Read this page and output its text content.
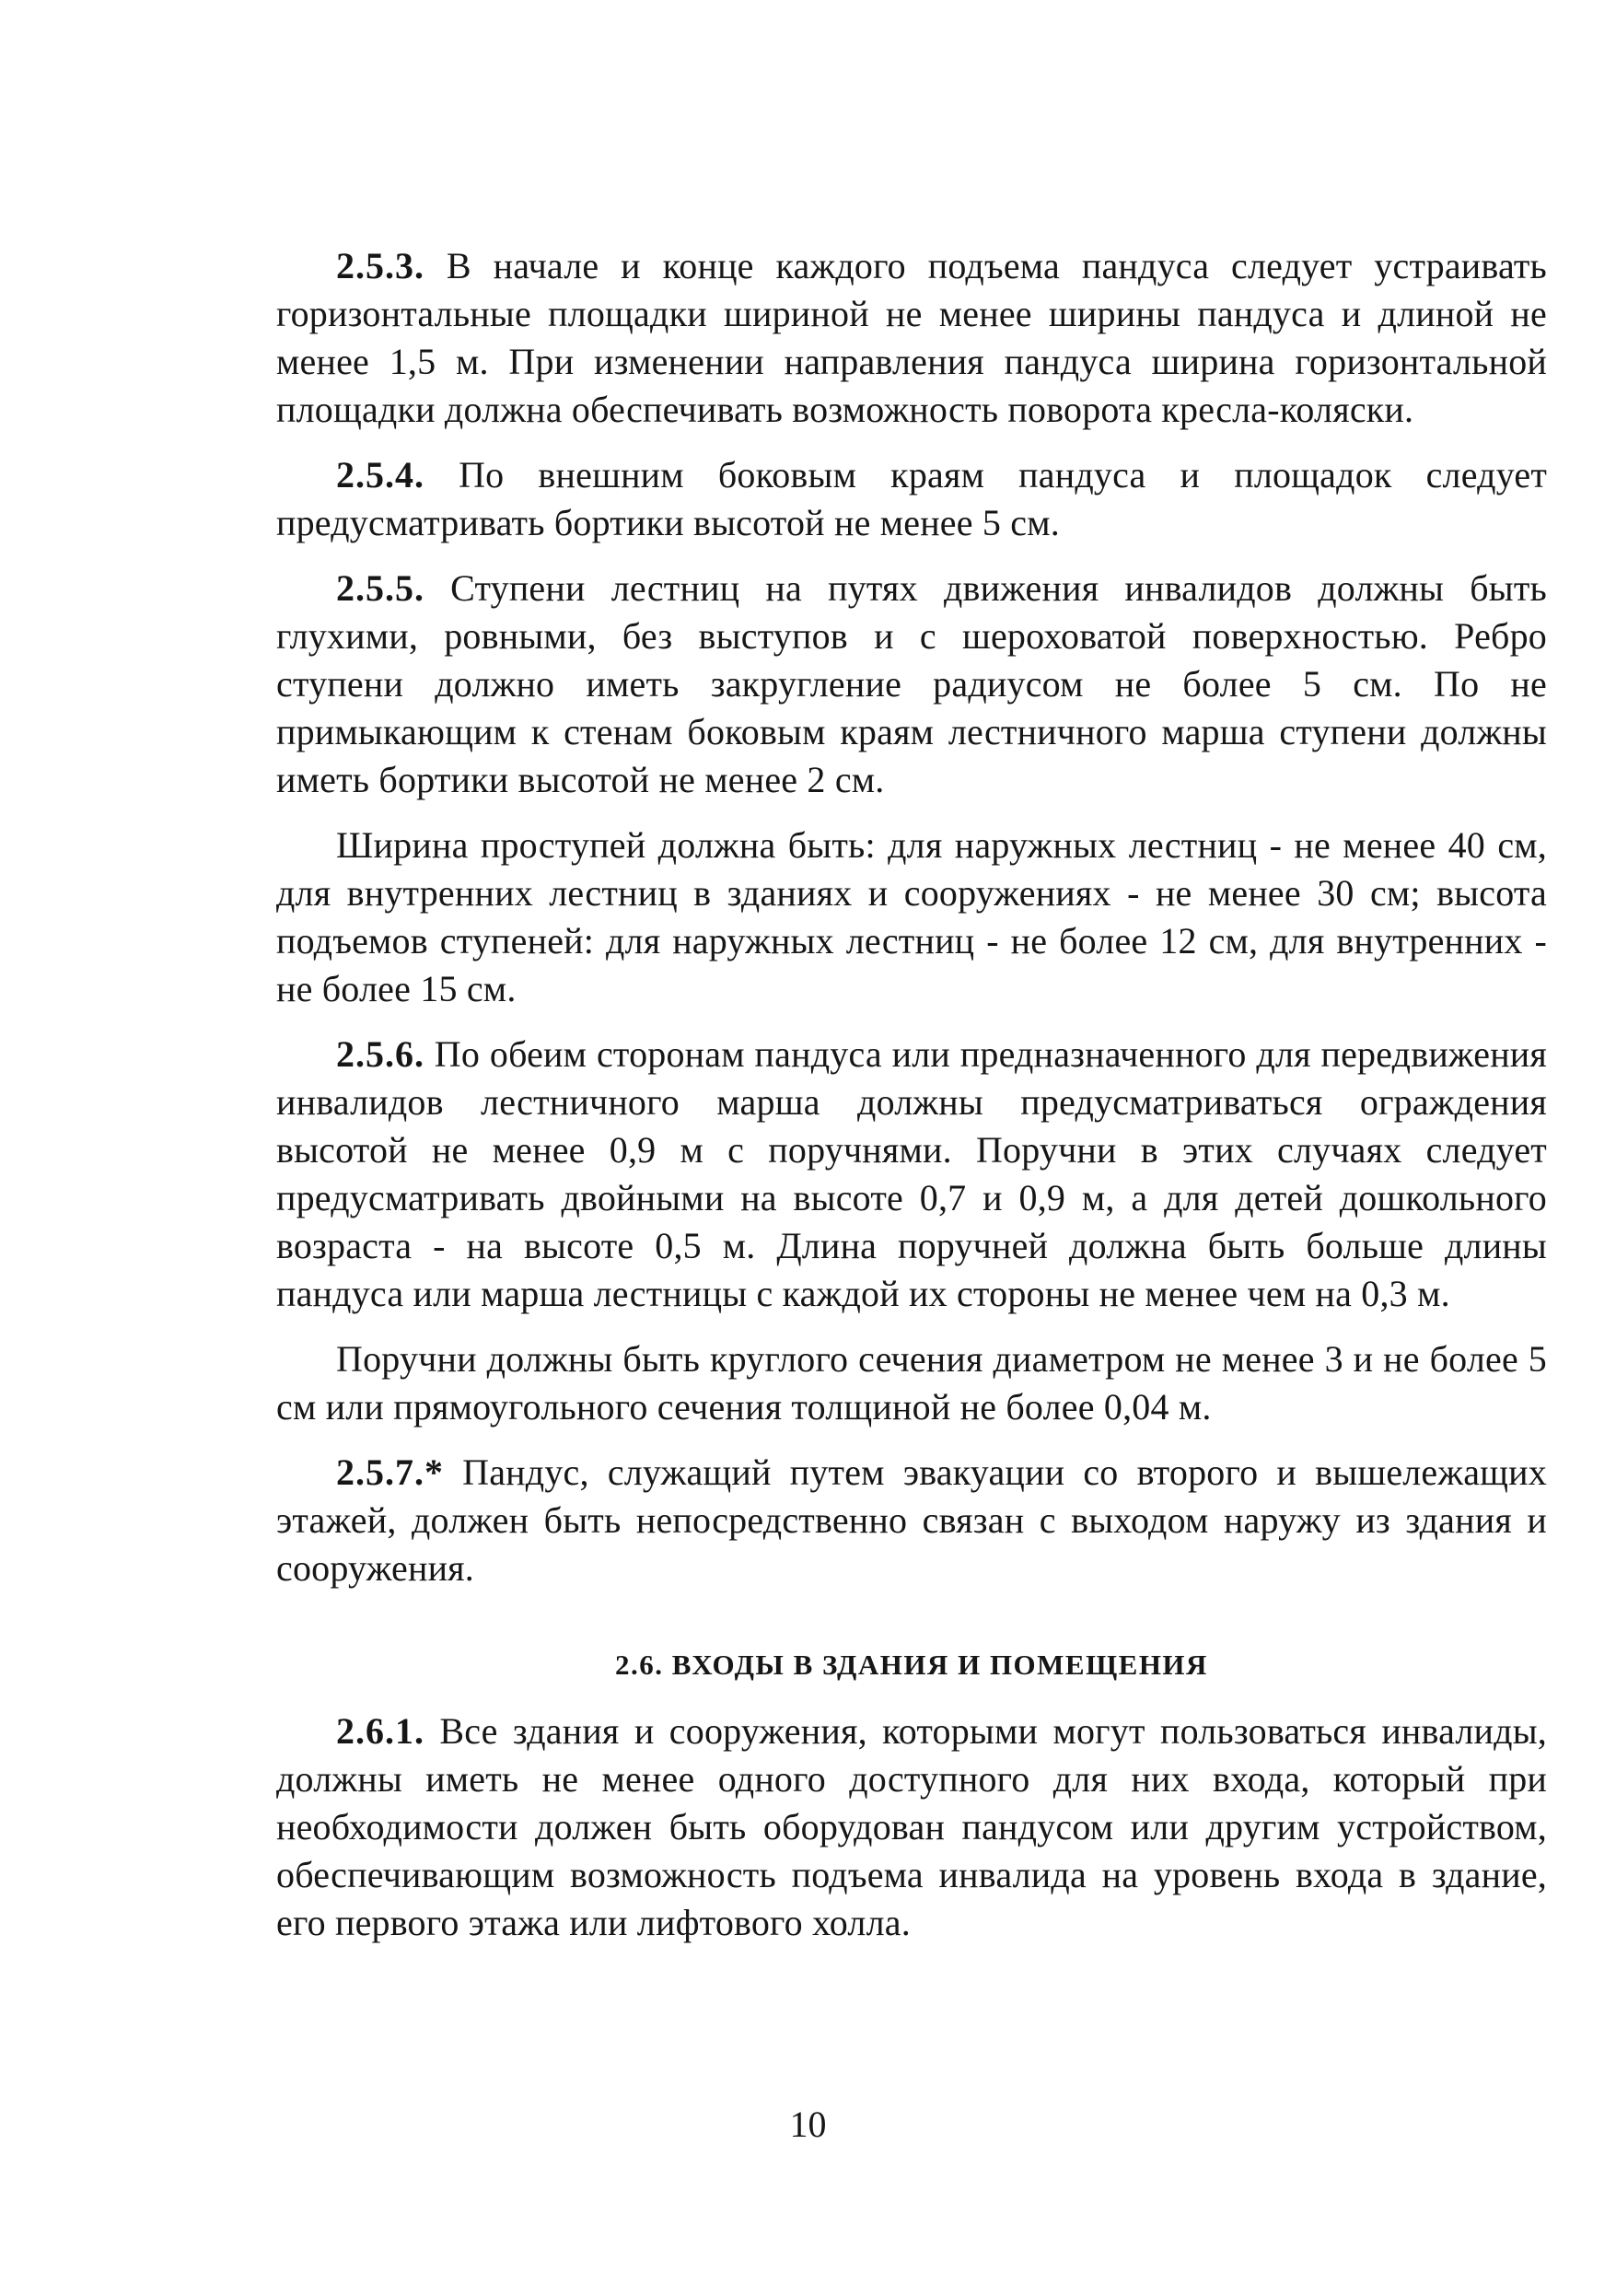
2.5.3. В начале и конце каждого подъема пандуса следует устраивать горизонтальные площадки шириной не менее ширины пандуса и длиной не менее 1,5 м. При изменении направления пандуса ширина горизонтальной площадки должна обеспечивать возможность поворота кресла-коляски.

2.5.4. По внешним боковым краям пандуса и площадок следует предусматривать бортики высотой не менее 5 см.

2.5.5. Ступени лестниц на путях движения инвалидов должны быть глухими, ровными, без выступов и с шероховатой поверхностью. Ребро ступени должно иметь закругление радиусом не более 5 см. По не примыкающим к стенам боковым краям лестничного марша ступени должны иметь бортики высотой не менее 2 см.

Ширина проступей должна быть: для наружных лестниц - не менее 40 см, для внутренних лестниц в зданиях и сооружениях - не менее 30 см; высота подъемов ступеней: для наружных лестниц - не более 12 см, для внутренних - не более 15 см.

2.5.6. По обеим сторонам пандуса или предназначенного для передвижения инвалидов лестничного марша должны предусматриваться ограждения высотой не менее 0,9 м с поручнями. Поручни в этих случаях следует предусматривать двойными на высоте 0,7 и 0,9 м, а для детей дошкольного возраста - на высоте 0,5 м. Длина поручней должна быть больше длины пандуса или марша лестницы с каждой их стороны не менее чем на 0,3 м.

Поручни должны быть круглого сечения диаметром не менее 3 и не более 5 см или прямоугольного сечения толщиной не более 0,04 м.

2.5.7.* Пандус, служащий путем эвакуации со второго и вышележащих этажей, должен быть непосредственно связан с выходом наружу из здания и сооружения.

2.6. ВХОДЫ В ЗДАНИЯ И ПОМЕЩЕНИЯ

2.6.1. Все здания и сооружения, которыми могут пользоваться инвалиды, должны иметь не менее одного доступного для них входа, который при необходимости должен быть оборудован пандусом или другим устройством, обеспечивающим возможность подъема инвалида на уровень входа в здание, его первого этажа или лифтового холла.

10
